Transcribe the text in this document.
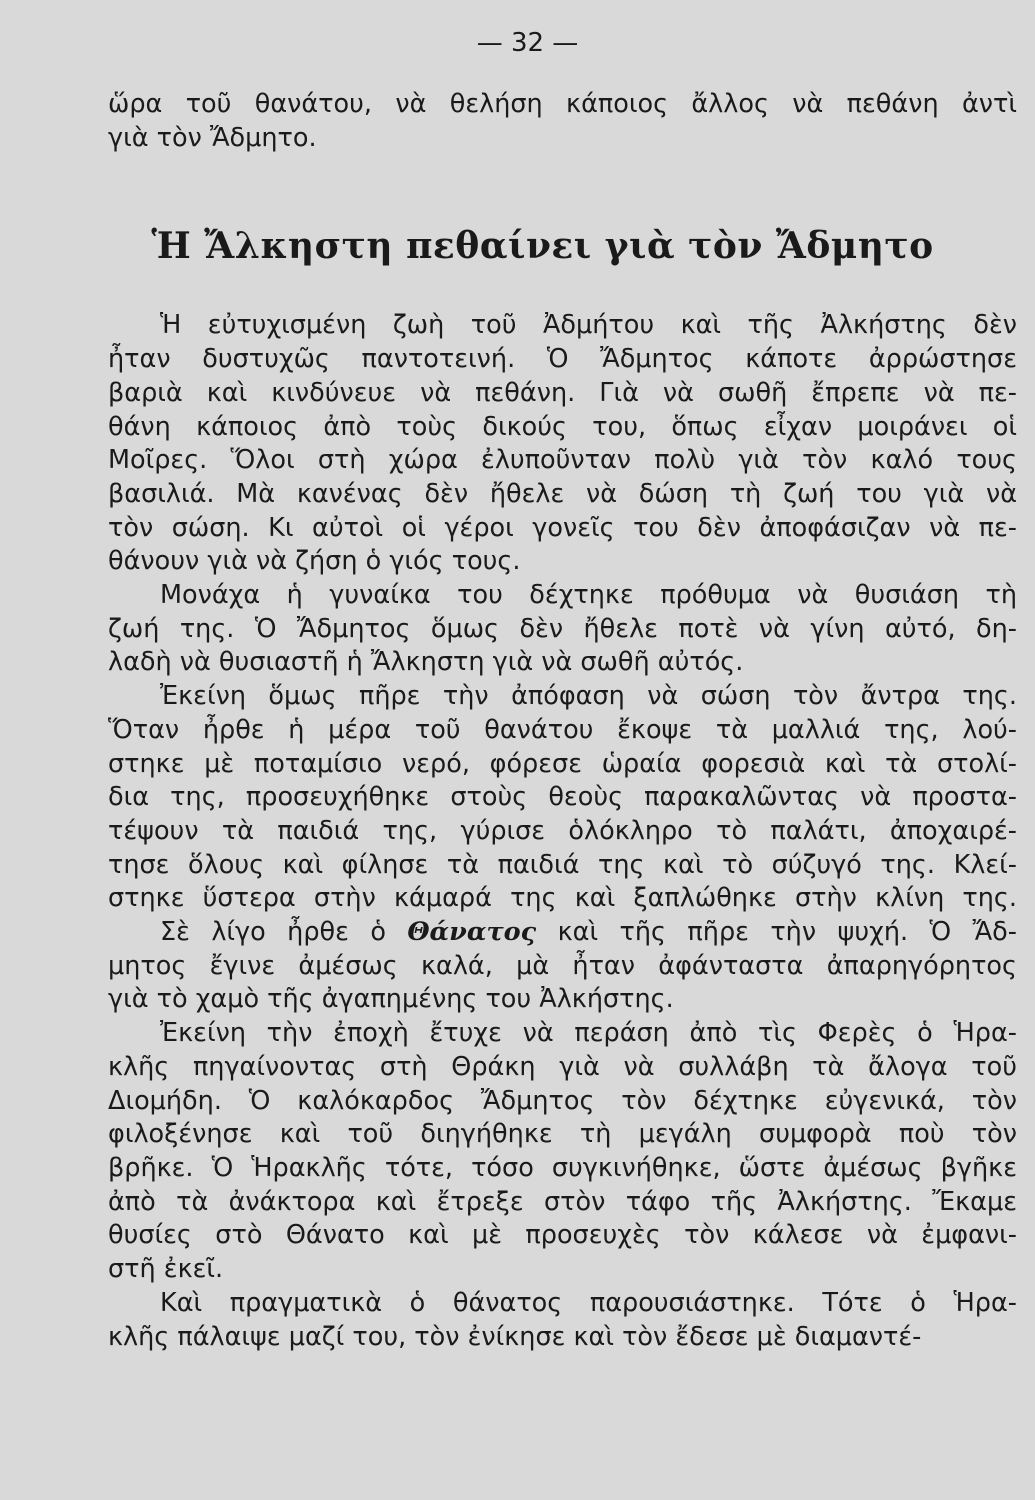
— 32 —
ὥρα τοῦ θανάτου, νὰ θελήση κάποιος ἄλλος νὰ πεθάνη ἀντὶ
γιὰ τὸν Ἄδμητο.
Ἡ Ἄλκηστη πεθαίνει γιὰ τὸν Ἄδμητο
Ἡ εὐτυχισμένη ζωὴ τοῦ Ἀδμήτου καὶ τῆς Ἀλκήστης δὲν
ἦταν δυστυχῶς παντοτεινή. Ὁ Ἄδμητος κάποτε ἀρρώστησε
βαριὰ καὶ κινδύνευε νὰ πεθάνη. Γιὰ νὰ σωθῆ ἔπρεπε νὰ πε-
θάνη κάποιος ἀπὸ τοὺς δικούς του, ὅπως εἶχαν μοιράνει οἱ
Μοῖρες. Ὅλοι στὴ χώρα ἐλυποῦνταν πολὺ γιὰ τὸν καλό τους
βασιλιά. Μὰ κανένας δὲν ἤθελε νὰ δώση τὴ ζωή του γιὰ νὰ
τὸν σώση. Κι αὐτοὶ οἱ γέροι γονεῖς του δὲν ἀποφάσιζαν νὰ πε-
θάνουν γιὰ νὰ ζήση ὁ γιός τους.
Μονάχα ἡ γυναίκα του δέχτηκε πρόθυμα νὰ θυσιάση τὴ
ζωή της. Ὁ Ἄδμητος ὅμως δὲν ἤθελε ποτὲ νὰ γίνη αὐτό, δη-
λαδὴ νὰ θυσιαστῆ ἡ Ἄλκηστη γιὰ νὰ σωθῆ αὐτός.
Ἐκείνη ὅμως πῆρε τὴν ἀπόφαση νὰ σώση τὸν ἄντρα της.
Ὅταν ἦρθε ἡ μέρα τοῦ θανάτου ἔκοψε τὰ μαλλιά της, λού-
στηκε μὲ ποταμίσιο νερό, φόρεσε ὡραία φορεσιὰ καὶ τὰ στολί-
δια της, προσευχήθηκε στοὺς θεοὺς παρακαλῶντας νὰ προστα-
τέψουν τὰ παιδιά της, γύρισε ὁλόκληρο τὸ παλάτι, ἀποχαιρέ-
τησε ὅλους καὶ φίλησε τὰ παιδιά της καὶ τὸ σύζυγό της. Κλεί-
στηκε ὕστερα στὴν κάμαρά της καὶ ξαπλώθηκε στὴν κλίνη της.
Σὲ λίγο ἦρθε ὁ Θάνατος καὶ τῆς πῆρε τὴν ψυχή. Ὁ Ἄδ-
μητος ἔγινε ἀμέσως καλά, μὰ ἦταν ἀφάνταστα ἀπαρηγόρητος
γιὰ τὸ χαμὸ τῆς ἀγαπημένης του Ἀλκήστης.
Ἐκείνη τὴν ἐποχὴ ἔτυχε νὰ περάση ἀπὸ τὶς Φερὲς ὁ Ἡρα-
κλῆς πηγαίνοντας στὴ Θράκη γιὰ νὰ συλλάβη τὰ ἄλογα τοῦ
Διομήδη. Ὁ καλόκαρδος Ἄδμητος τὸν δέχτηκε εὐγενικά, τὸν
φιλοξένησε καὶ τοῦ διηγήθηκε τὴ μεγάλη συμφορὰ ποὺ τὸν
βρῆκε. Ὁ Ἡρακλῆς τότε, τόσο συγκινήθηκε, ὥστε ἀμέσως βγῆκε
ἀπὸ τὰ ἀνάκτορα καὶ ἔτρεξε στὸν τάφο τῆς Ἀλκήστης. Ἔκαμε
θυσίες στὸ Θάνατο καὶ μὲ προσευχὲς τὸν κάλεσε νὰ ἐμφανι-
στῆ ἐκεῖ.
Καὶ πραγματικὰ ὁ θάνατος παρουσιάστηκε. Τότε ὁ Ἡρα-
κλῆς πάλαιψε μαζί του, τὸν ἐνίκησε καὶ τὸν ἔδεσε μὲ διαμαντέ-
